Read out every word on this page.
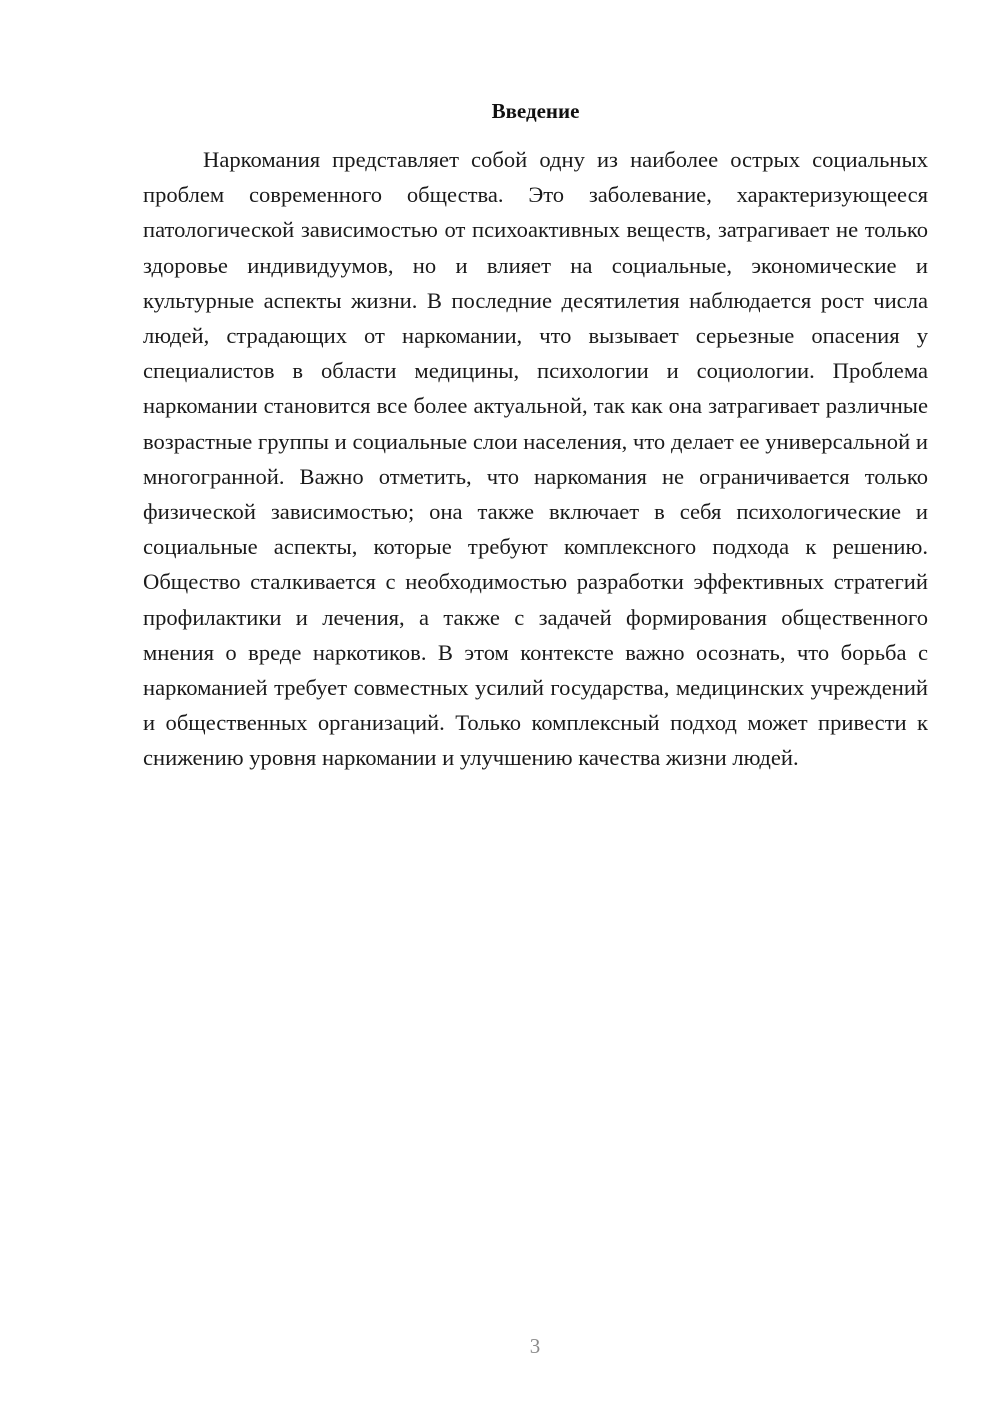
Введение

Наркомания представляет собой одну из наиболее острых социальных проблем современного общества. Это заболевание, характеризующееся патологической зависимостью от психоактивных веществ, затрагивает не только здоровье индивидуумов, но и влияет на социальные, экономические и культурные аспекты жизни. В последние десятилетия наблюдается рост числа людей, страдающих от наркомании, что вызывает серьезные опасения у специалистов в области медицины, психологии и социологии. Проблема наркомании становится все более актуальной, так как она затрагивает различные возрастные группы и социальные слои населения, что делает ее универсальной и многогранной. Важно отметить, что наркомания не ограничивается только физической зависимостью; она также включает в себя психологические и социальные аспекты, которые требуют комплексного подхода к решению. Общество сталкивается с необходимостью разработки эффективных стратегий профилактики и лечения, а также с задачей формирования общественного мнения о вреде наркотиков. В этом контексте важно осознать, что борьба с наркоманией требует совместных усилий государства, медицинских учреждений и общественных организаций. Только комплексный подход может привести к снижению уровня наркомании и улучшению качества жизни людей.

3
